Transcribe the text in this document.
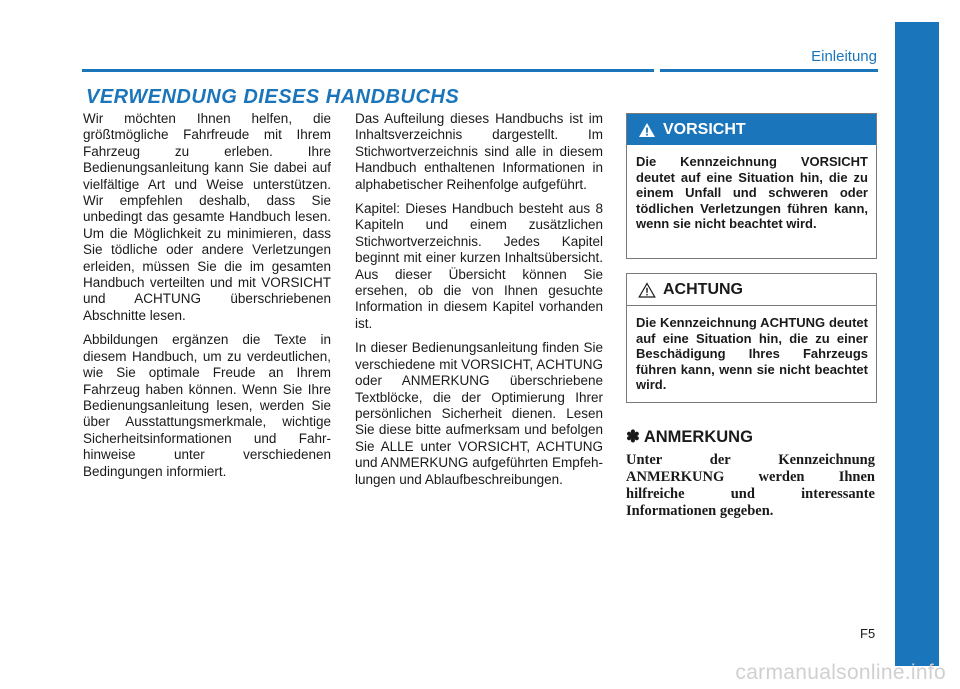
Einleitung
VERWENDUNG DIESES HANDBUCHS

Wir möchten Ihnen helfen, die größtmögliche Fahrfreude mit Ihrem Fahrzeug zu erleben. Ihre Bedienungsanleitung kann Sie dabei auf vielfältige Art und Weise unterstützen. Wir empfehlen deshalb, dass Sie unbedingt das gesamte Handbuch lesen. Um die Möglichkeit zu minimieren, dass Sie tödliche oder andere Verletzungen erleiden, müssen Sie die im gesamten Handbuch verteilten und mit VORSICHT und ACHTUNG überschriebenen Abschnitte lesen.

Abbildungen ergänzen die Texte in diesem Handbuch, um zu verdeutlichen, wie Sie optimale Freude an Ihrem Fahrzeug haben können. Wenn Sie Ihre Bedienungsanleitung lesen, werden Sie über Ausstattungsmerkmale, wichtige Sicherheitsinformationen und Fahr-hinweise unter verschiedenen Bedingungen informiert.

Das Aufteilung dieses Handbuchs ist im Inhaltsverzeichnis dargestellt. Im Stichwortverzeichnis sind alle in diesem Handbuch enthaltenen Informationen in alphabetischer Reihenfolge aufgeführt.

Kapitel: Dieses Handbuch besteht aus 8 Kapiteln und einem zusätzlichen Stichwortverzeichnis. Jedes Kapitel beginnt mit einer kurzen Inhaltsübersicht. Aus dieser Übersicht können Sie ersehen, ob die von Ihnen gesuchte Information in diesem Kapitel vorhanden ist.

In dieser Bedienungsanleitung finden Sie verschiedene mit VORSICHT, ACHTUNG oder ANMERKUNG überschriebene Textblöcke, die der Optimierung Ihrer persönlichen Sicherheit dienen. Lesen Sie diese bitte aufmerksam und befolgen Sie ALLE unter VORSICHT, ACHTUNG und ANMERKUNG aufgeführten Empfeh-lungen und Ablaufbeschreibungen.

VORSICHT
Die Kennzeichnung VORSICHT deutet auf eine Situation hin, die zu einem Unfall und schweren oder tödlichen Verletzungen führen kann, wenn sie nicht beachtet wird.
ACHTUNG
Die Kennzeichnung ACHTUNG deutet auf eine Situation hin, die zu einer Beschädigung Ihres Fahrzeugs führen kann, wenn sie nicht beachtet wird.
✽ ANMERKUNG
Unter der Kennzeichnung ANMERKUNG werden Ihnen hilfreiche und interessante Informationen gegeben.
F5
carmanualsonline.info
